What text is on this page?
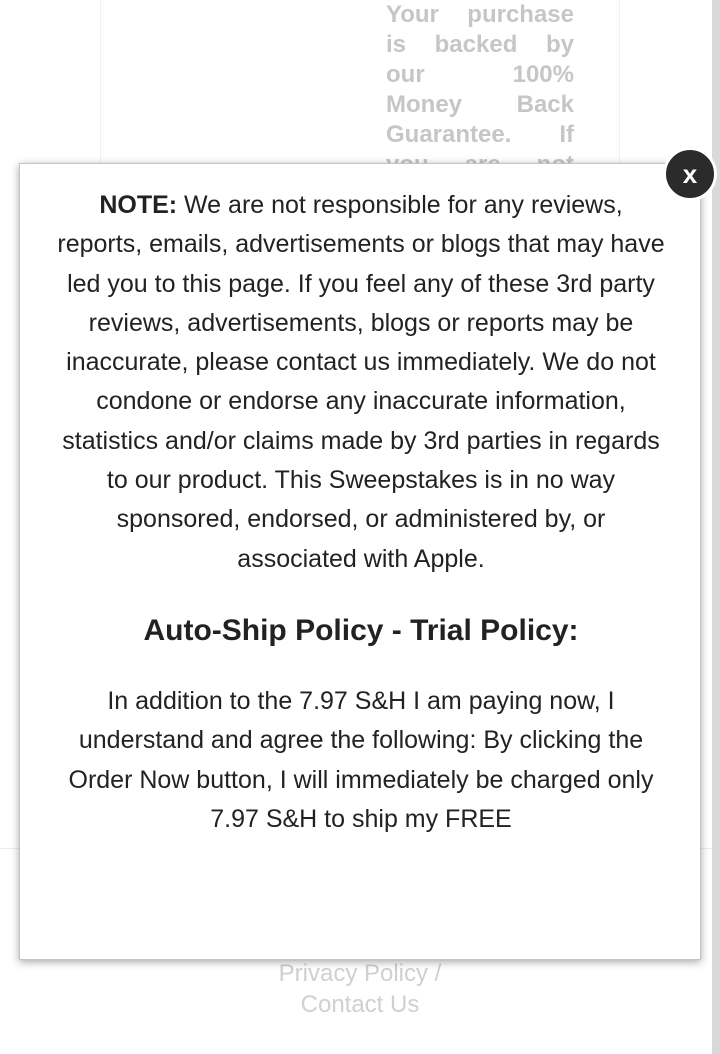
Your purchase
is backed by
our 100%
Money Back
Guarantee. If
Privacy Policy /
Contact Us

NOTE: We are not responsible for any reviews, reports, emails, advertisements or blogs that may have led you to this page. If you feel any of these 3rd party reviews, advertisements, blogs or reports may be inaccurate, please contact us immediately. We do not condone or endorse any inaccurate information, statistics and/or claims made by 3rd parties in regards to our product. This Sweepstakes is in no way sponsored, endorsed, or administered by, or associated with Apple.

Auto-Ship Policy - Trial Policy:

In addition to the 7.97 S&H I am paying now, I understand and agree the following: By clicking the Order Now button, I will immediately be charged only 7.97 S&H to ship my FREE

x
